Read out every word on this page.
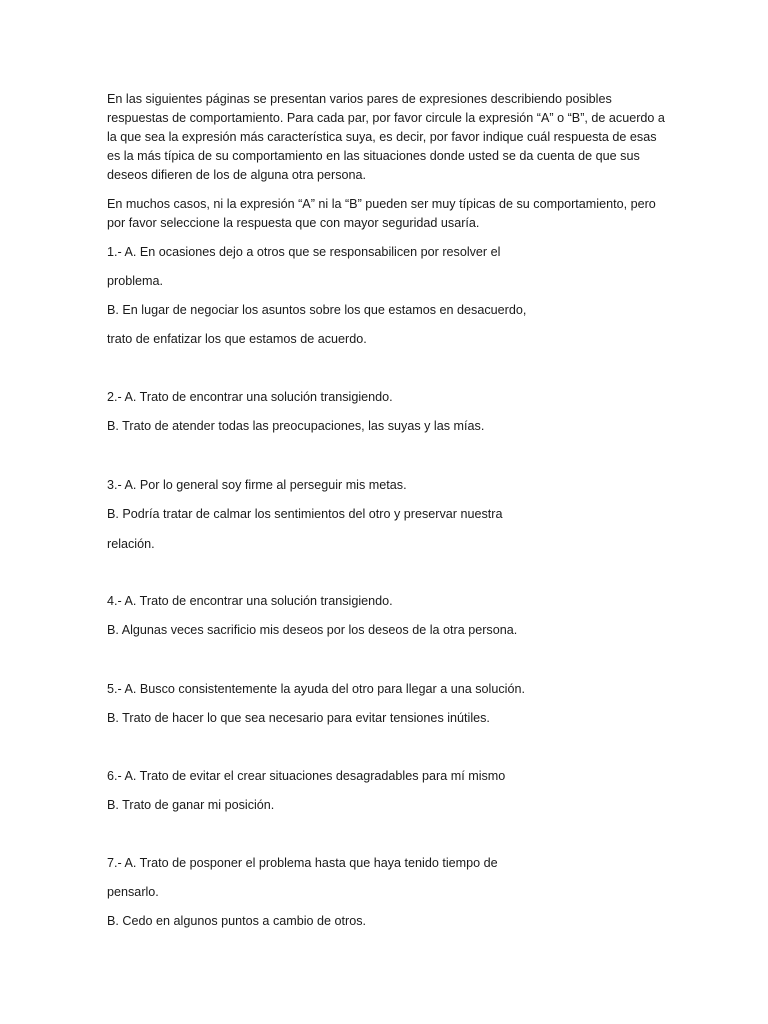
En las siguientes páginas se presentan varios pares de expresiones describiendo posibles respuestas de comportamiento. Para cada par, por favor circule la expresión “A” o “B”, de acuerdo a la que sea la expresión más característica suya, es decir, por favor indique cuál respuesta de esas es la más típica de su comportamiento en las situaciones donde usted se da cuenta de que sus deseos difieren de los de alguna otra persona.
En muchos casos, ni la expresión “A” ni la “B” pueden ser muy típicas de su comportamiento, pero por favor seleccione la respuesta que con mayor seguridad usaría.
1.- A. En ocasiones dejo a otros que se responsabilicen por resolver el
problema.
B. En lugar de negociar los asuntos sobre los que estamos en desacuerdo,
trato de enfatizar los que estamos de acuerdo.
2.- A. Trato de encontrar una solución transigiendo.
B. Trato de atender todas las preocupaciones, las suyas y las mías.
3.- A. Por lo general soy firme al perseguir mis metas.
B. Podría tratar de calmar los sentimientos del otro y preservar nuestra
relación.
4.- A. Trato de encontrar una solución transigiendo.
B. Algunas veces sacrificio mis deseos por los deseos de la otra persona.
5.- A. Busco consistentemente la ayuda del otro para llegar a una solución.
B. Trato de hacer lo que sea necesario para evitar tensiones inútiles.
6.- A. Trato de evitar el crear situaciones desagradables para mí mismo
B. Trato de ganar mi posición.
7.- A. Trato de posponer el problema hasta que haya tenido tiempo de
pensarlo.
B. Cedo en algunos puntos a cambio de otros.
